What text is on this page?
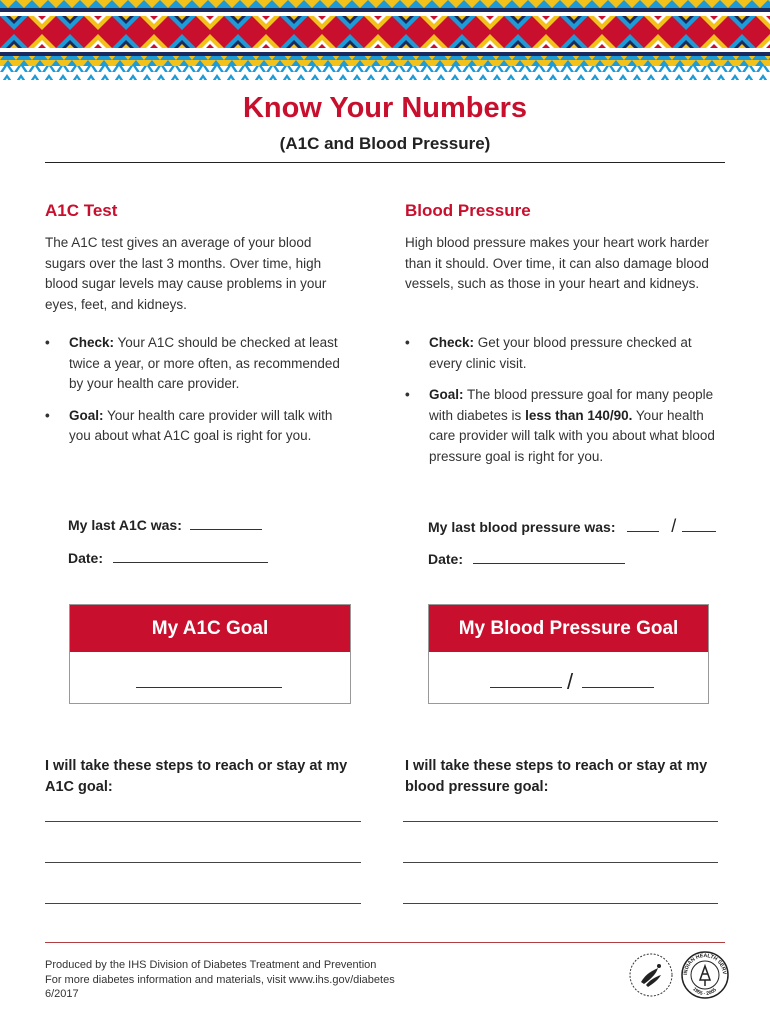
Know Your Numbers
(A1C and Blood Pressure)
A1C Test
The A1C test gives an average of your blood sugars over the last 3 months. Over time, high blood sugar levels may cause problems in your eyes, feet, and kidneys.
• Check: Your A1C should be checked at least twice a year, or more often, as recommended by your health care provider.
• Goal: Your health care provider will talk with you about what A1C goal is right for you.
My last A1C was:
Date:
My A1C Goal
I will take these steps to reach or stay at my A1C goal:
Blood Pressure
High blood pressure makes your heart work harder than it should. Over time, it can also damage blood vessels, such as those in your heart and kidneys.
• Check: Get your blood pressure checked at every clinic visit.
• Goal: The blood pressure goal for many people with diabetes is less than 140/90. Your health care provider will talk with you about what blood pressure goal is right for you.
My last blood pressure was:	/
Date:
My Blood Pressure Goal
/
I will take these steps to reach or stay at my blood pressure goal:
Produced by the IHS Division of Diabetes Treatment and Prevention
For more diabetes information and materials, visit www.ihs.gov/diabetes
6/2017
INDIAN HEALTH SERV
1955 · 2005
